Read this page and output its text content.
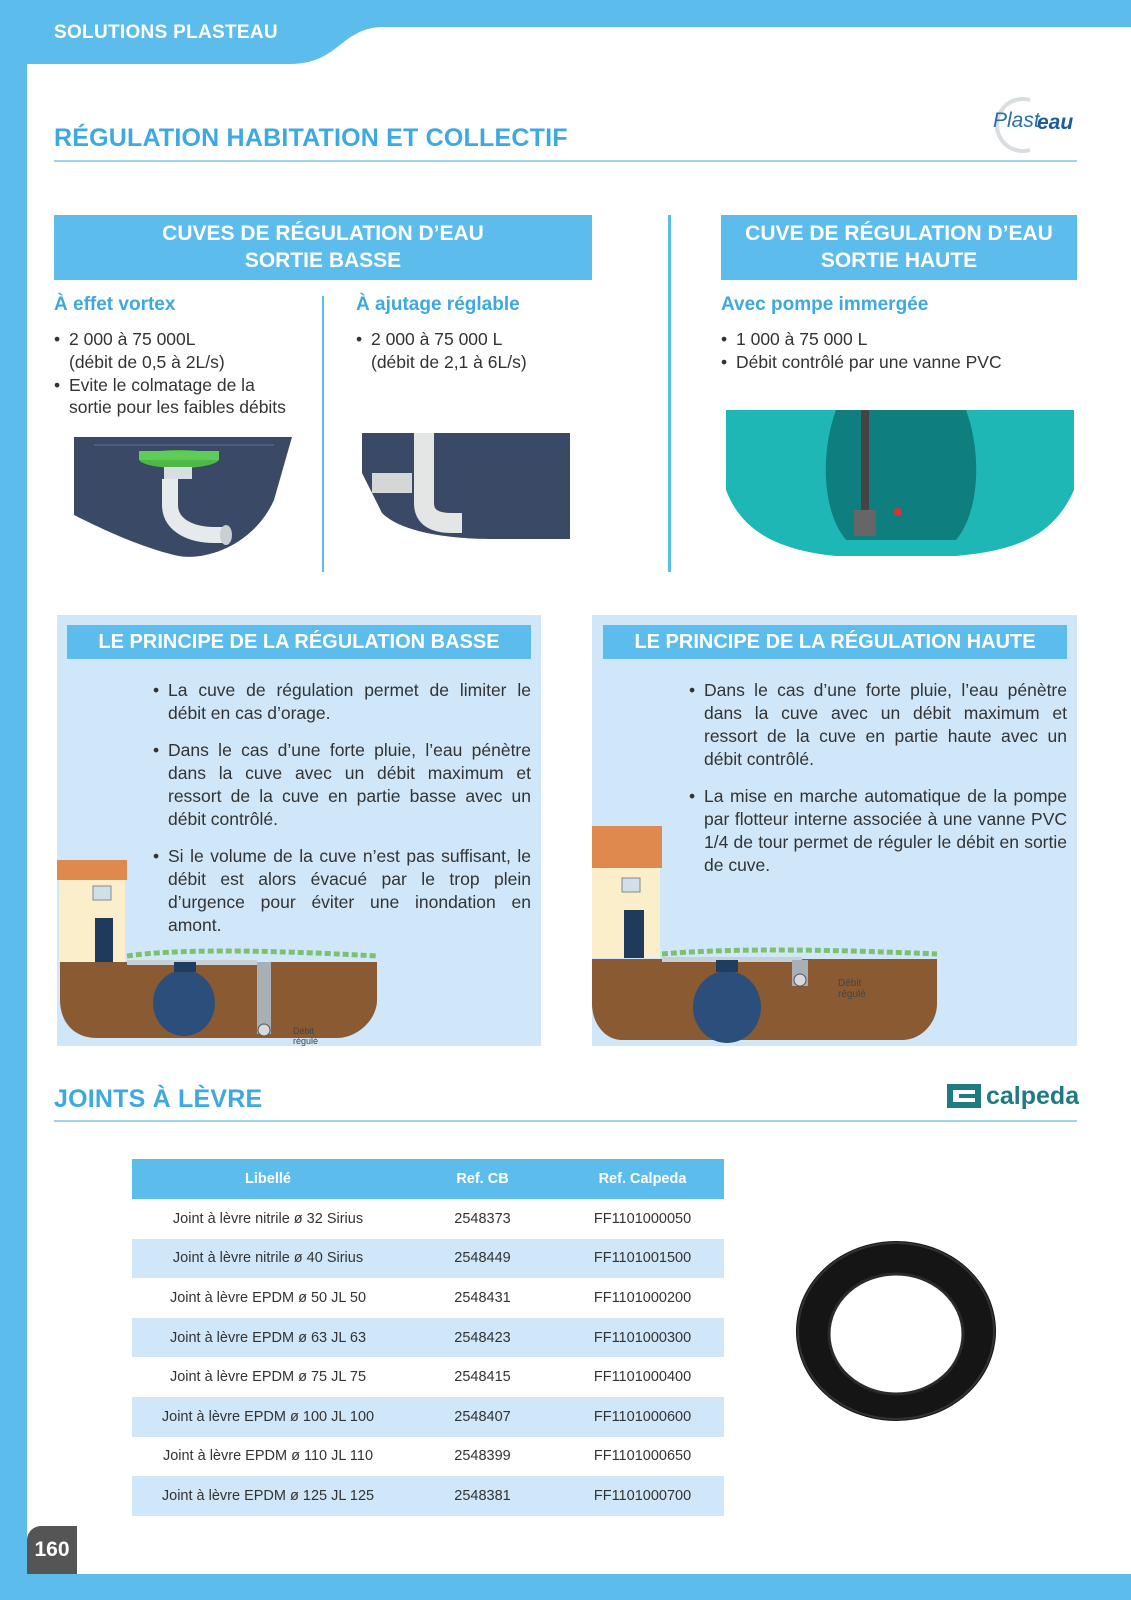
SOLUTIONS PLASTEAU
Plast
eau
RÉGULATION HABITATION ET COLLECTIF
CUVES DE RÉGULATION D’EAU
SORTIE BASSE
CUVE DE RÉGULATION D’EAU
SORTIE HAUTE
À effet vortex
• 2 000 à 75 000L
(débit de 0,5 à 2L/s)
• Evite le colmatage de la
sortie pour les faibles débits
À ajutage réglable
• 2 000 à 75 000 L
(débit de 2,1 à 6L/s)
Avec pompe immergée
• 1 000 à 75 000 L
• Débit contrôlé par une vanne PVC
LE PRINCIPE DE LA RÉGULATION BASSE
• La cuve de régulation permet de limiter le débit en cas d’orage.
• Dans le cas d’une forte pluie, l’eau pénètre dans la cuve avec un débit maximum et ressort de la cuve en partie basse avec un débit contrôlé.
• Si le volume de la cuve n’est pas suffisant, le débit est alors évacué par le trop plein d’urgence pour éviter une inondation en amont.
Débit
régulé
LE PRINCIPE DE LA RÉGULATION HAUTE
• Dans le cas d’une forte pluie, l’eau pénètre dans la cuve avec un débit maximum et ressort de la cuve en partie haute avec un débit contrôlé.
• La mise en marche automatique de la pompe par flotteur interne associée à une vanne PVC 1/4 de tour permet de réguler le débit en sortie de cuve.
Débit
régulé
JOINTS À LÈVRE	calpeda
Libellé	Ref. CB	Ref. Calpeda
Joint à lèvre nitrile ø 32 Sirius	2548373	FF1101000050
Joint à lèvre nitrile ø 40 Sirius	2548449	FF1101001500
Joint à lèvre EPDM ø 50 JL 50	2548431	FF1101000200
Joint à lèvre EPDM ø 63 JL 63	2548423	FF1101000300
Joint à lèvre EPDM ø 75 JL 75	2548415	FF1101000400
Joint à lèvre EPDM ø 100 JL 100	2548407	FF1101000600
Joint à lèvre EPDM ø 110 JL 110	2548399	FF1101000650
Joint à lèvre EPDM ø 125 JL 125	2548381	FF1101000700
160
